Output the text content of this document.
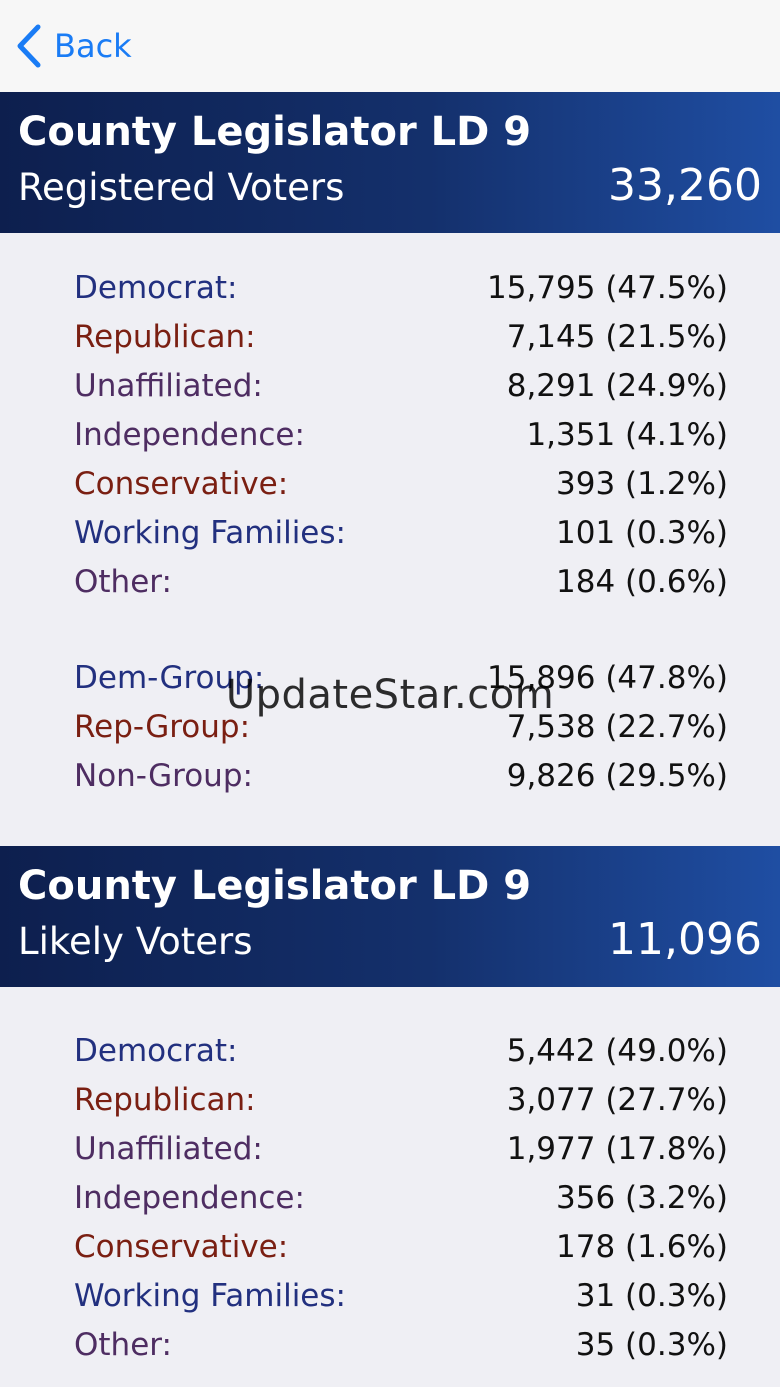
Back
County Legislator LD 9
Registered Voters	33,260
Democrat:	15,795 (47.5%)
Republican:	7,145 (21.5%)
Unaffiliated:	8,291 (24.9%)
Independence:	1,351 (4.1%)
Conservative:	393 (1.2%)
Working Families:	101 (0.3%)
Other:	184 (0.6%)
Dem-Group:	15,896 (47.8%)
Rep-Group:	7,538 (22.7%)
Non-Group:	9,826 (29.5%)
County Legislator LD 9
Likely Voters	11,096
Democrat:	5,442 (49.0%)
Republican:	3,077 (27.7%)
Unaffiliated:	1,977 (17.8%)
Independence:	356 (3.2%)
Conservative:	178 (1.6%)
Working Families:	31 (0.3%)
Other:	35 (0.3%)
UpdateStar.com
